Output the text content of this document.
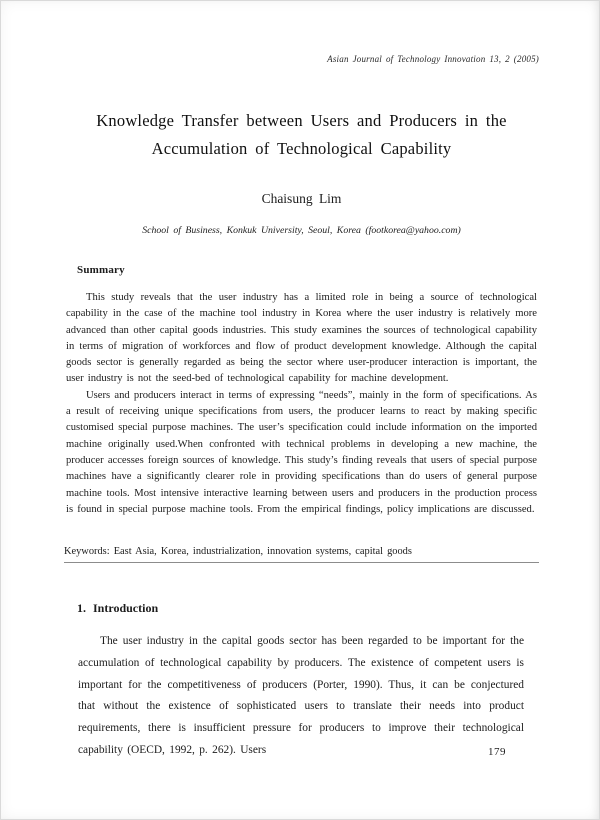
Asian Journal of Technology Innovation 13, 2 (2005)
Knowledge Transfer between Users and Producers in the
Accumulation of Technological Capability
Chaisung Lim
School of Business, Konkuk University, Seoul, Korea (footkorea@yahoo.com)
Summary

This study reveals that the user industry has a limited role in being a source of technological capability in the case of the machine tool industry in Korea where the user industry is relatively more advanced than other capital goods industries. This study examines the sources of technological capability in terms of migration of workforces and flow of product development knowledge. Although the capital goods sector is generally regarded as being the sector where user-producer interaction is important, the user industry is not the seed-bed of technological capability for machine development.

Users and producers interact in terms of expressing “needs”, mainly in the form of specifications. As a result of receiving unique specifications from users, the producer learns to react by making specific customised special purpose machines. The user’s specification could include information on the imported machine originally used.When confronted with technical problems in developing a new machine, the producer accesses foreign sources of knowledge. This study’s finding reveals that users of special purpose machines have a significantly clearer role in providing specifications than do users of general purpose machine tools. Most intensive interactive learning between users and producers in the production process is found in special purpose machine tools. From the empirical findings, policy implications are discussed.

Keywords: East Asia, Korea, industrialization, innovation systems, capital goods
1. Introduction

The user industry in the capital goods sector has been regarded to be important for the accumulation of technological capability by producers. The existence of competent users is important for the competitiveness of producers (Porter, 1990). Thus, it can be conjectured that without the existence of sophisticated users to translate their needs into product requirements, there is insufficient pressure for producers to improve their technological capability (OECD, 1992, p. 262). Users	179
